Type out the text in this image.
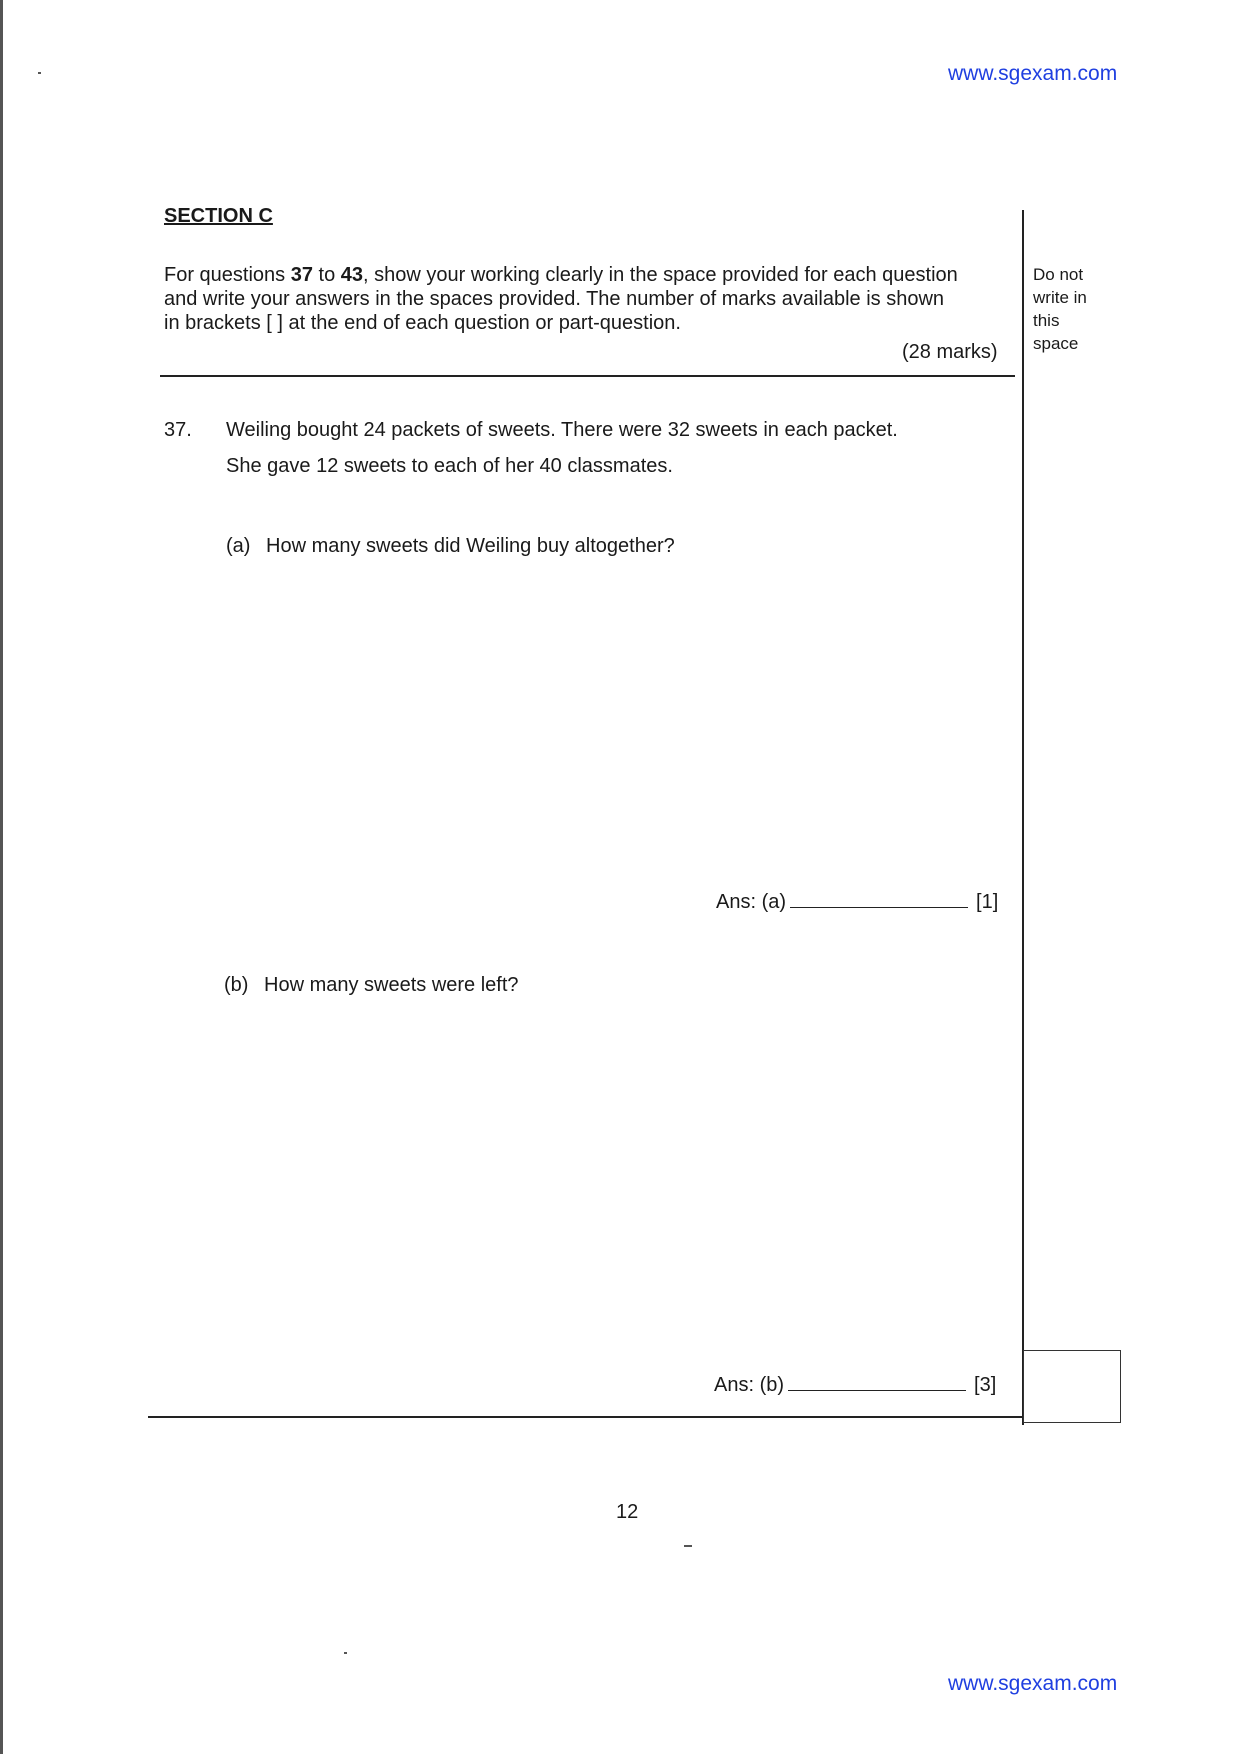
www.sgexam.com
SECTION C
For questions 37 to 43, show your working clearly in the space provided for each question
and write your answers in the spaces provided. The number of marks available is shown
in brackets [ ] at the end of each question or part-question.
(28 marks)
Do not
write in
this
space
37. Weiling bought 24 packets of sweets. There were 32 sweets in each packet.
She gave 12 sweets to each of her 40 classmates.
(a) How many sweets did Weiling buy altogether?
Ans: (a)	[1]
(b) How many sweets were left?
Ans: (b)	[3]
12
www.sgexam.com
